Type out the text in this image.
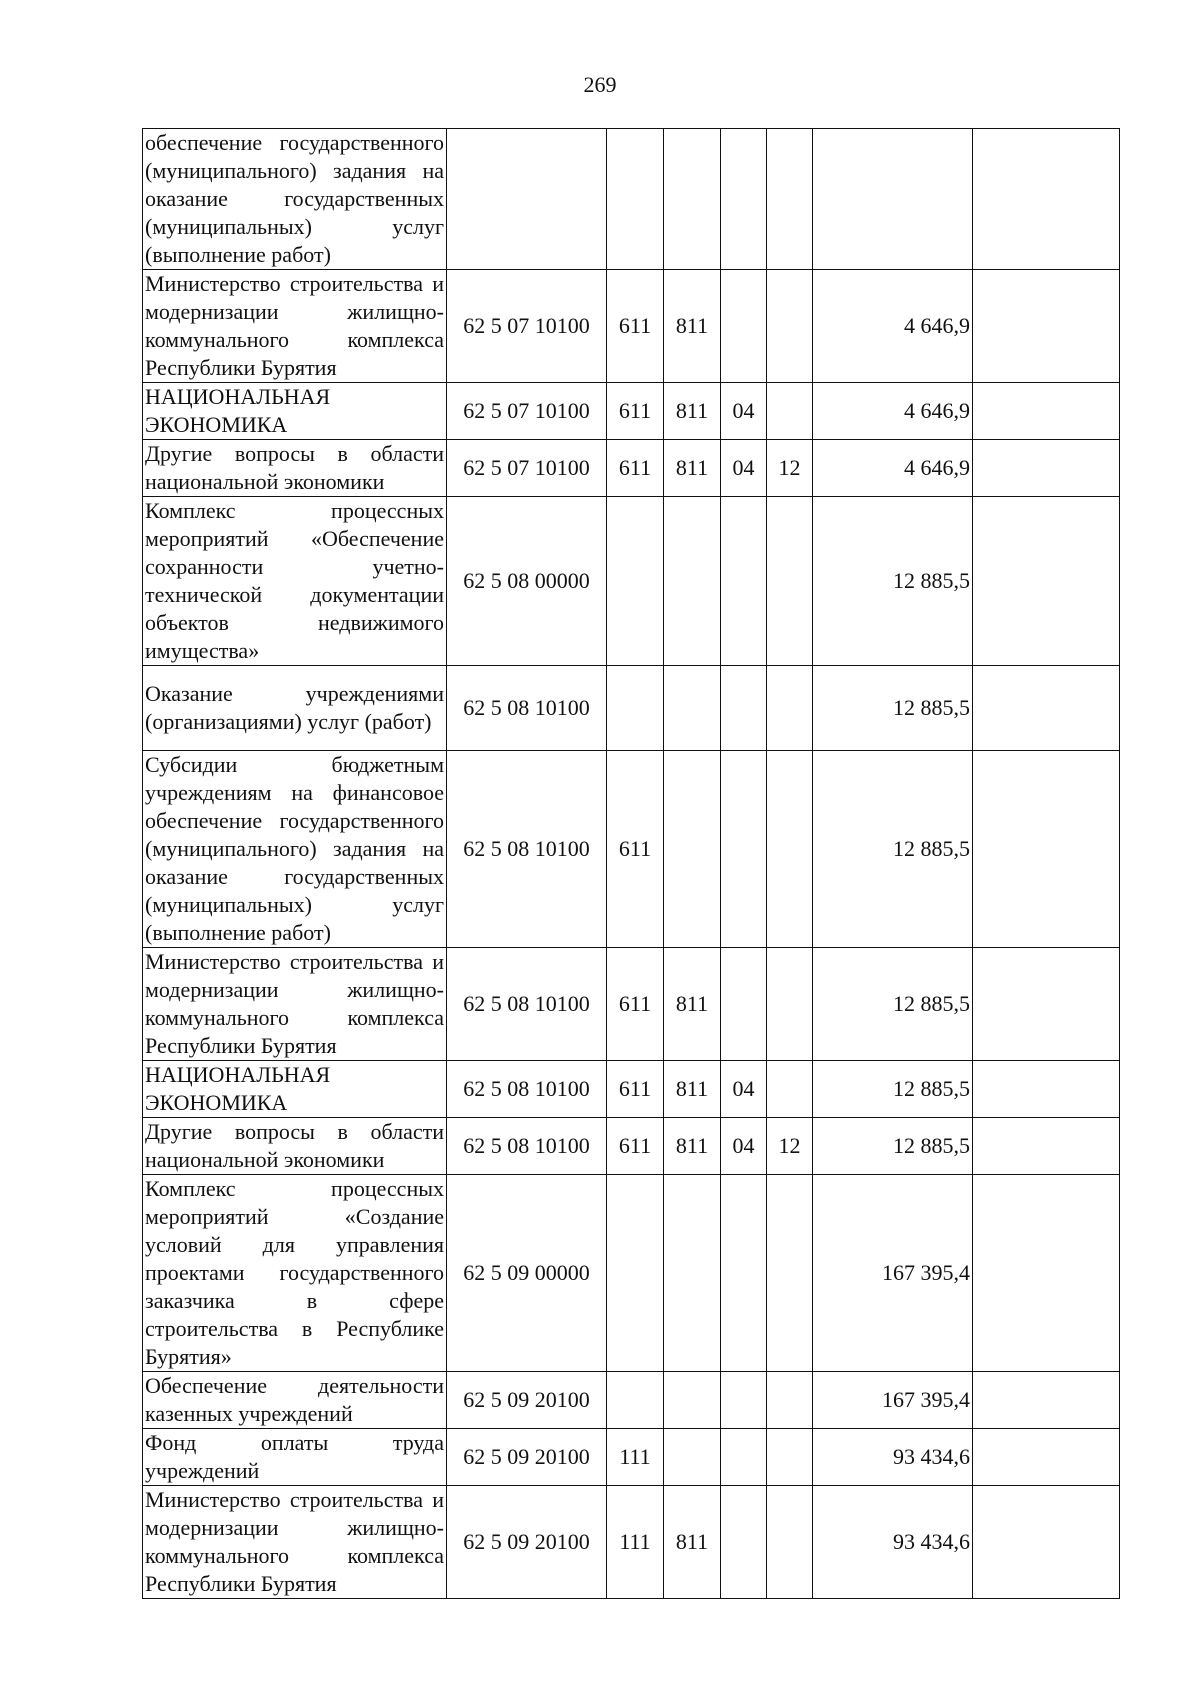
269
обеспечение государственного (муниципального) задания на оказание государственных (муниципальных) услуг (выполнение работ)							
Министерство строительства и модернизации жилищно-коммунального комплекса Республики Бурятия	62 5 07 10100	611	811			4 646,9	
НАЦИОНАЛЬНАЯ ЭКОНОМИКА	62 5 07 10100	611	811	04		4 646,9	
Другие вопросы в области национальной экономики	62 5 07 10100	611	811	04	12	4 646,9	
Комплекс процессных мероприятий «Обеспечение сохранности учетно-технической документации объектов недвижимого имущества»	62 5 08 00000					12 885,5	
Оказание учреждениями (организациями) услуг (работ)	62 5 08 10100					12 885,5	
Субсидии бюджетным учреждениям на финансовое обеспечение государственного (муниципального) задания на оказание государственных (муниципальных) услуг (выполнение работ)	62 5 08 10100	611				12 885,5	
Министерство строительства и модернизации жилищно-коммунального комплекса Республики Бурятия	62 5 08 10100	611	811			12 885,5	
НАЦИОНАЛЬНАЯ ЭКОНОМИКА	62 5 08 10100	611	811	04		12 885,5	
Другие вопросы в области национальной экономики	62 5 08 10100	611	811	04	12	12 885,5	
Комплекс процессных мероприятий «Создание условий для управления проектами государственного заказчика в сфере строительства в Республике Бурятия»	62 5 09 00000					167 395,4	
Обеспечение деятельности казенных учреждений	62 5 09 20100					167 395,4	
Фонд оплаты труда учреждений	62 5 09 20100	111				93 434,6	
Министерство строительства и модернизации жилищно-коммунального комплекса Республики Бурятия	62 5 09 20100	111	811			93 434,6	
